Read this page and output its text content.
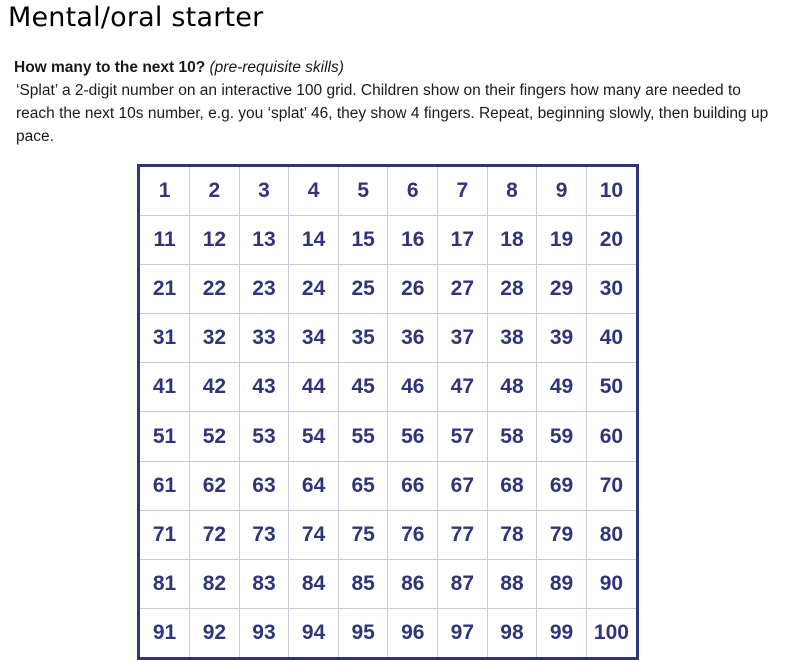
Mental/oral starter
How many to the next 10? (pre-requisite skills)

‘Splat’ a 2-digit number on an interactive 100 grid. Children show on their fingers how many are needed to reach the next 10s number, e.g. you ‘splat’ 46, they show 4 fingers. Repeat, beginning slowly, then building up pace.

1	2	3	4	5	6	7	8	9	10
11	12	13	14	15	16	17	18	19	20
21	22	23	24	25	26	27	28	29	30
31	32	33	34	35	36	37	38	39	40
41	42	43	44	45	46	47	48	49	50
51	52	53	54	55	56	57	58	59	60
61	62	63	64	65	66	67	68	69	70
71	72	73	74	75	76	77	78	79	80
81	82	83	84	85	86	87	88	89	90
91	92	93	94	95	96	97	98	99	100
